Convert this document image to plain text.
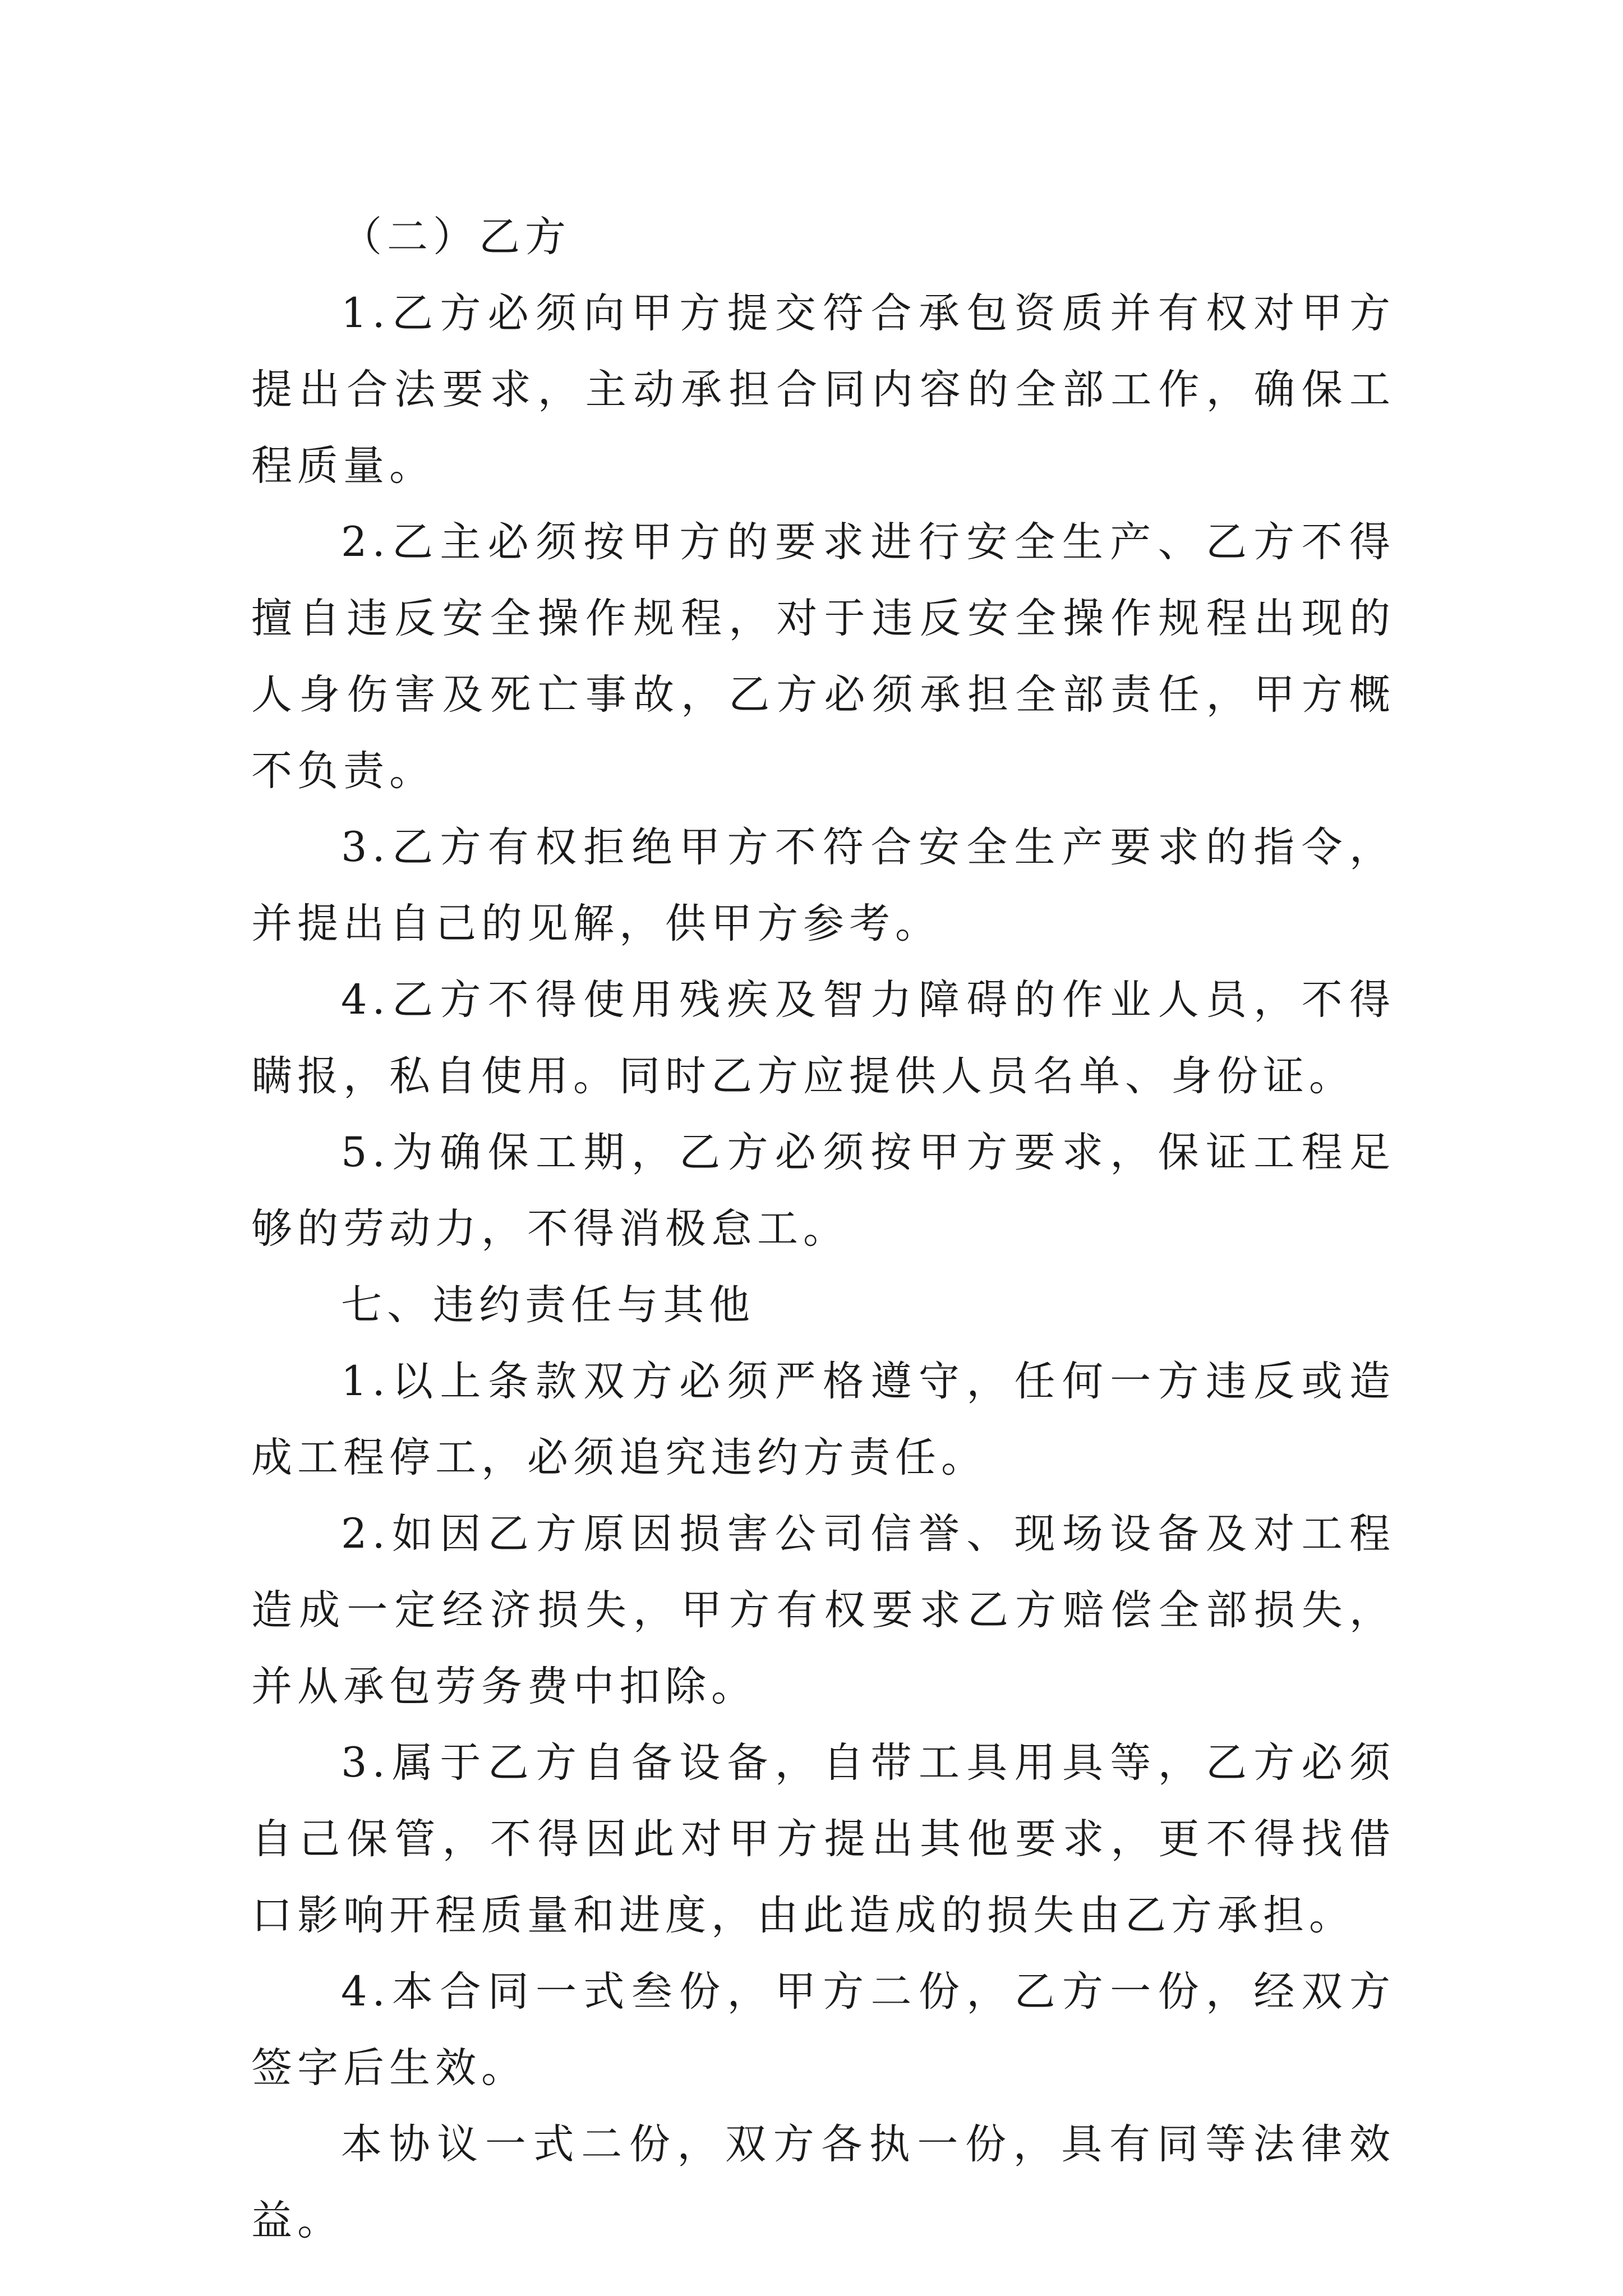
（二）乙方

1.乙方必须向甲方提交符合承包资质并有权对甲方提出合法要求，主动承担合同内容的全部工作，确保工程质量。

2.乙主必须按甲方的要求进行安全生产、乙方不得擅自违反安全操作规程，对于违反安全操作规程出现的人身伤害及死亡事故，乙方必须承担全部责任，甲方概不负责。

3.乙方有权拒绝甲方不符合安全生产要求的指令，并提出自己的见解，供甲方参考。

4.乙方不得使用残疾及智力障碍的作业人员，不得瞒报，私自使用。同时乙方应提供人员名单、身份证。

5.为确保工期，乙方必须按甲方要求，保证工程足够的劳动力，不得消极怠工。

七、违约责任与其他

1.以上条款双方必须严格遵守，任何一方违反或造成工程停工，必须追究违约方责任。

2.如因乙方原因损害公司信誉、现场设备及对工程造成一定经济损失，甲方有权要求乙方赔偿全部损失，并从承包劳务费中扣除。

3.属于乙方自备设备，自带工具用具等，乙方必须自己保管，不得因此对甲方提出其他要求，更不得找借口影响开程质量和进度，由此造成的损失由乙方承担。

4.本合同一式叁份，甲方二份，乙方一份，经双方签字后生效。

本协议一式二份，双方各执一份，具有同等法律效益。
